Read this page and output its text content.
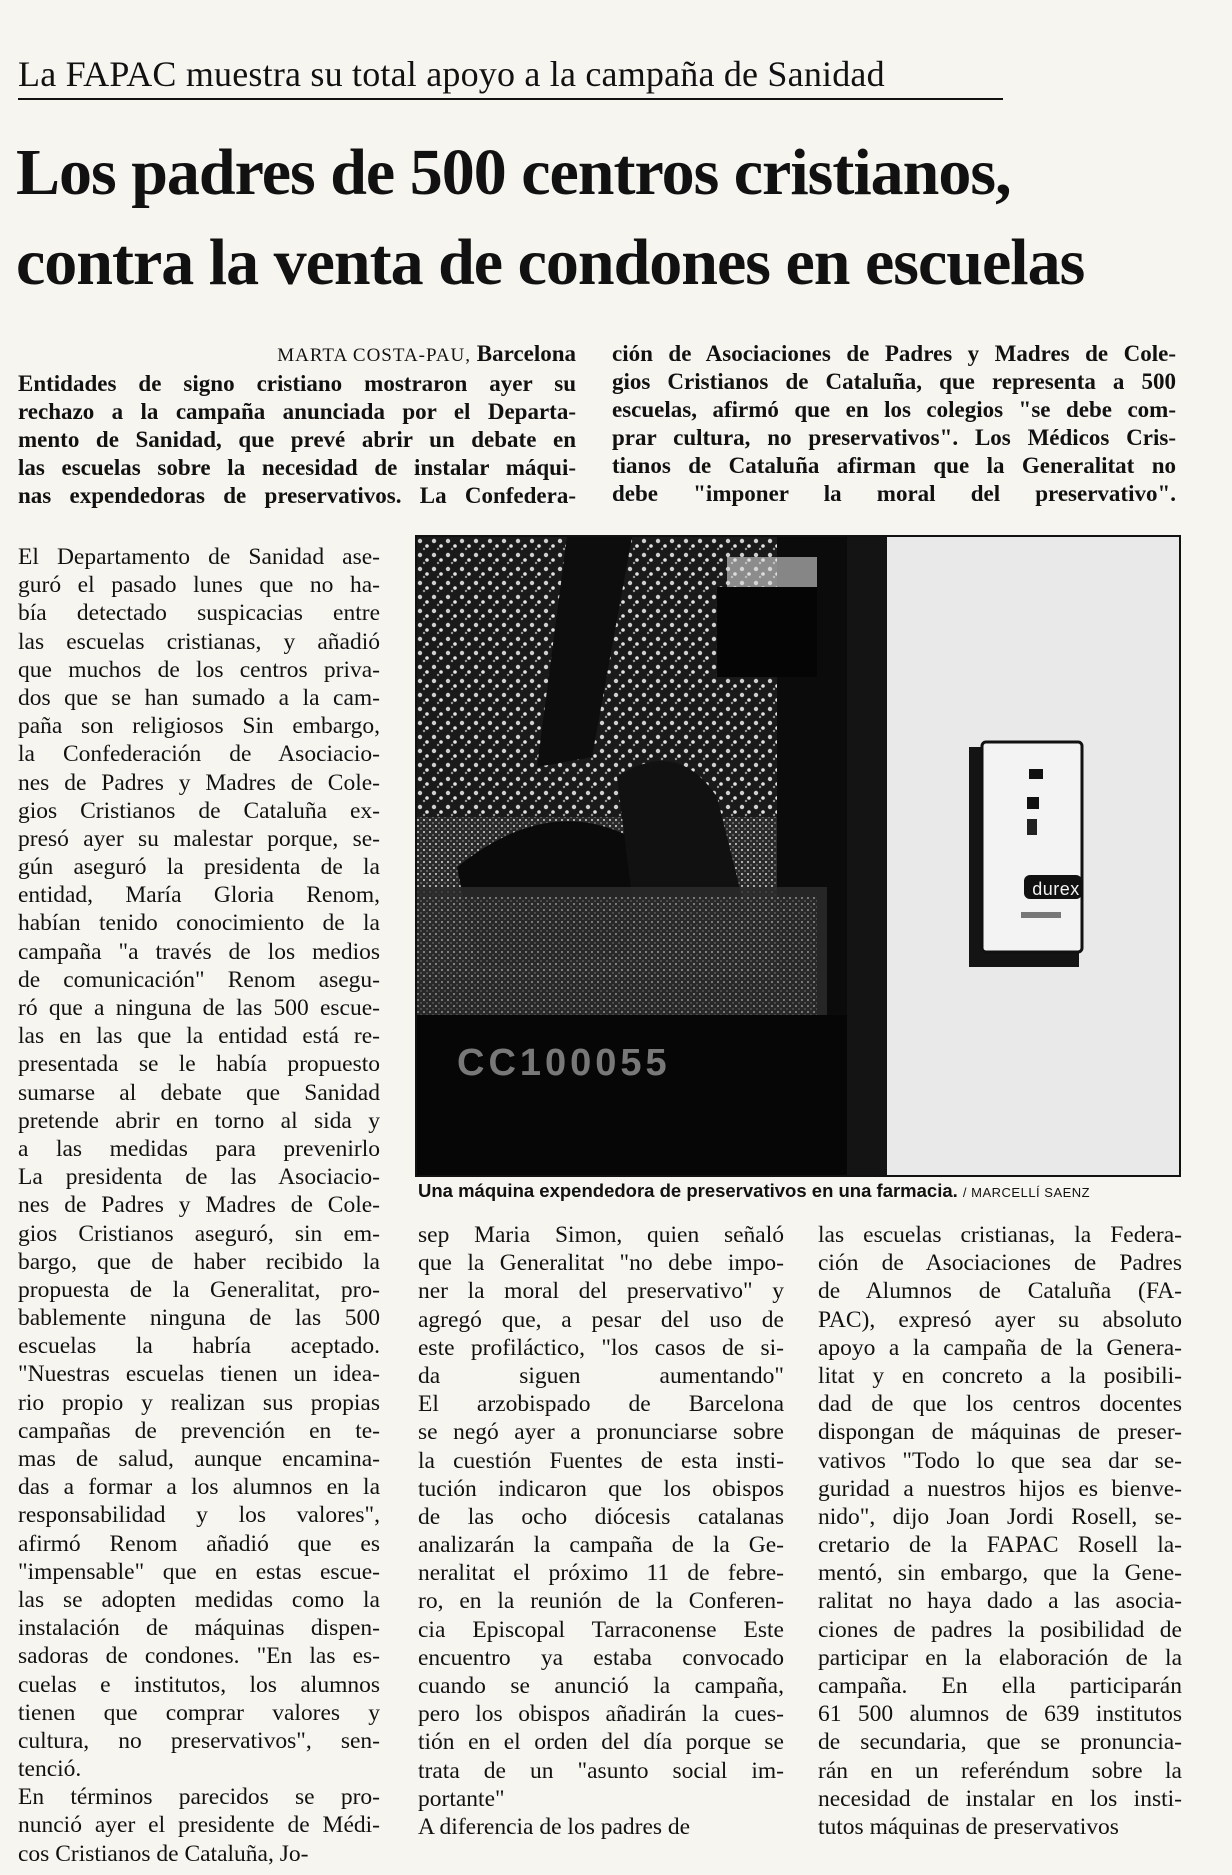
La FAPAC muestra su total apoyo a la campaña de Sanidad
Los padres de 500 centros cristianos,
contra la venta de condones en escuelas
MARTA COSTA-PAU, Barcelona
Entidades de signo cristiano mostraron ayer su
rechazo a la campaña anunciada por el Departa-
mento de Sanidad, que prevé abrir un debate en
las escuelas sobre la necesidad de instalar máqui-
nas expendedoras de preservativos. La Confedera-
ción de Asociaciones de Padres y Madres de Cole-
gios Cristianos de Cataluña, que representa a 500
escuelas, afirmó que en los colegios "se debe com-
prar cultura, no preservativos". Los Médicos Cris-
tianos de Cataluña afirman que la Generalitat no
debe "imponer la moral del preservativo".
El Departamento de Sanidad ase-
guró el pasado lunes que no ha-
bía detectado suspicacias entre
las escuelas cristianas, y añadió
que muchos de los centros priva-
dos que se han sumado a la cam-
paña son religiosos Sin embargo,
la Confederación de Asociacio-
nes de Padres y Madres de Cole-
gios Cristianos de Cataluña ex-
presó ayer su malestar porque, se-
gún aseguró la presidenta de la
entidad, María Gloria Renom,
habían tenido conocimiento de la
campaña "a través de los medios
de comunicación" Renom asegu-
ró que a ninguna de las 500 escue-
las en las que la entidad está re-
presentada se le había propuesto
sumarse al debate que Sanidad
pretende abrir en torno al sida y
a las medidas para prevenirlo
La presidenta de las Asociacio-
nes de Padres y Madres de Cole-
gios Cristianos aseguró, sin em-
bargo, que de haber recibido la
propuesta de la Generalitat, pro-
bablemente ninguna de las 500
escuelas la habría aceptado.
"Nuestras escuelas tienen un idea-
rio propio y realizan sus propias
campañas de prevención en te-
mas de salud, aunque encamina-
das a formar a los alumnos en la
responsabilidad y los valores",
afirmó Renom añadió que es
"impensable" que en estas escue-
las se adopten medidas como la
instalación de máquinas dispen-
sadoras de condones. "En las es-
cuelas e institutos, los alumnos
tienen que comprar valores y
cultura, no preservativos", sen-
tenció.
En términos parecidos se pro-
nunció ayer el presidente de Médi-
cos Cristianos de Cataluña, Jo-
sep Maria Simon, quien señaló
que la Generalitat "no debe impo-
ner la moral del preservativo" y
agregó que, a pesar del uso de
este profiláctico, "los casos de si-
da siguen aumentando"
El arzobispado de Barcelona
se negó ayer a pronunciarse sobre
la cuestión Fuentes de esta insti-
tución indicaron que los obispos
de las ocho diócesis catalanas
analizarán la campaña de la Ge-
neralitat el próximo 11 de febre-
ro, en la reunión de la Conferen-
cia Episcopal Tarraconense Este
encuentro ya estaba convocado
cuando se anunció la campaña,
pero los obispos añadirán la cues-
tión en el orden del día porque se
trata de un "asunto social im-
portante"
A diferencia de los padres de
las escuelas cristianas, la Federa-
ción de Asociaciones de Padres
de Alumnos de Cataluña (FA-
PAC), expresó ayer su absoluto
apoyo a la campaña de la Genera-
litat y en concreto a la posibili-
dad de que los centros docentes
dispongan de máquinas de preser-
vativos "Todo lo que sea dar se-
guridad a nuestros hijos es bienve-
nido", dijo Joan Jordi Rosell, se-
cretario de la FAPAC Rosell la-
mentó, sin embargo, que la Gene-
ralitat no haya dado a las asocia-
ciones de padres la posibilidad de
participar en la elaboración de la
campaña. En ella participarán
61 500 alumnos de 639 institutos
de secundaria, que se pronuncia-
rán en un referéndum sobre la
necesidad de instalar en los insti-
tutos máquinas de preservativos
durex
CC100055
Una máquina expendedora de preservativos en una farmacia. / MARCELLÍ SAENZ
